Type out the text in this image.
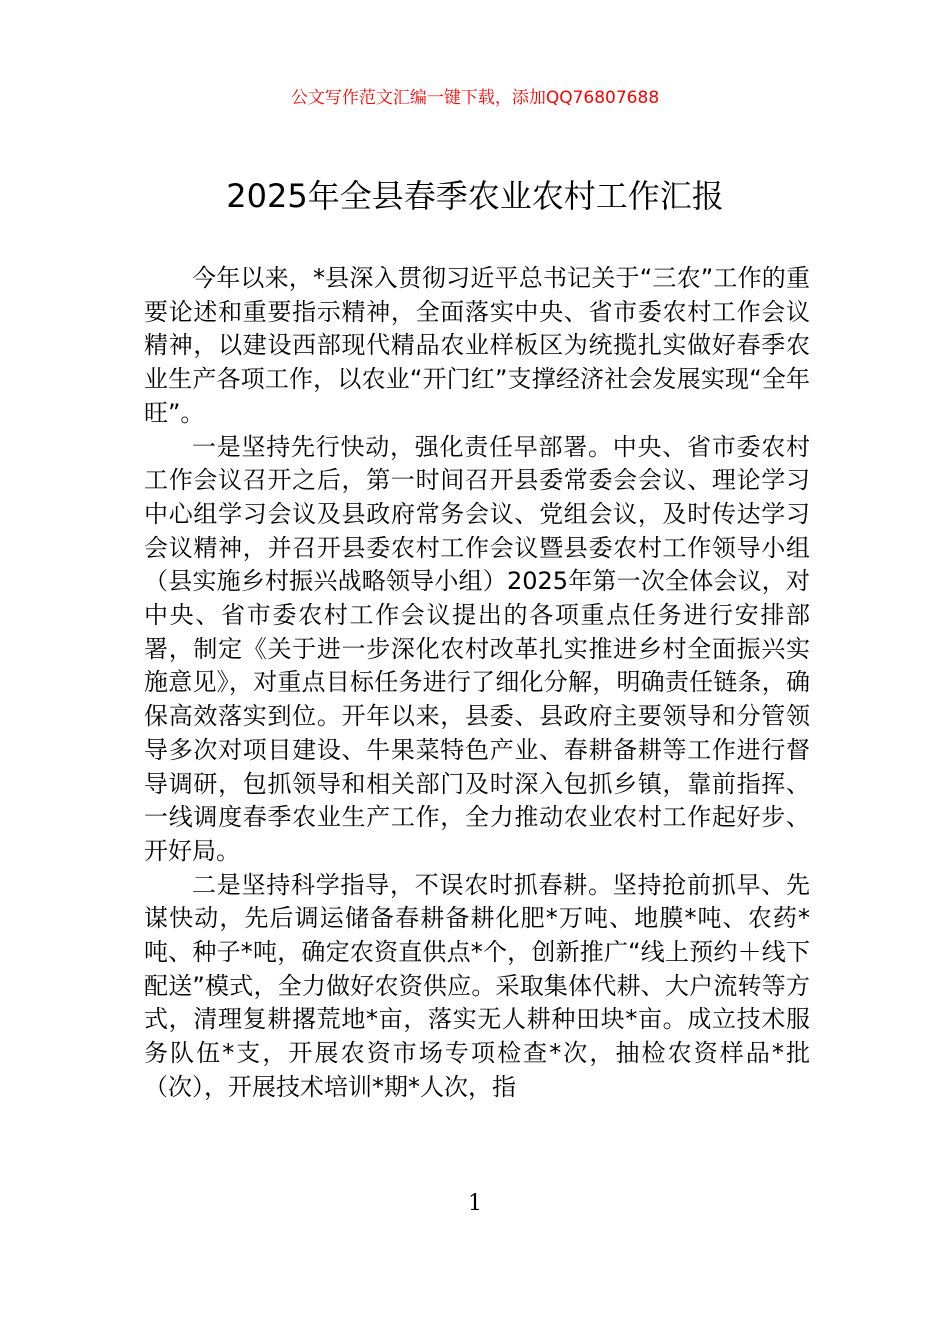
公文写作范文汇编一键下载，添加QQ76807688
2025年全县春季农业农村工作汇报

今年以来，*县深入贯彻习近平总书记关于“三农”工作的重要论述和重要指示精神，全面落实中央、省市委农村工作会议精神，以建设西部现代精品农业样板区为统揽扎实做好春季农业生产各项工作，以农业“开门红”支撑经济社会发展实现“全年旺”。

一是坚持先行快动，强化责任早部署。中央、省市委农村工作会议召开之后，第一时间召开县委常委会会议、理论学习中心组学习会议及县政府常务会议、党组会议，及时传达学习会议精神，并召开县委农村工作会议暨县委农村工作领导小组（县实施乡村振兴战略领导小组）2025年第一次全体会议，对中央、省市委农村工作会议提出的各项重点任务进行安排部署，制定《关于进一步深化农村改革扎实推进乡村全面振兴实施意见》，对重点目标任务进行了细化分解，明确责任链条，确保高效落实到位。开年以来，县委、县政府主要领导和分管领导多次对项目建设、牛果菜特色产业、春耕备耕等工作进行督导调研，包抓领导和相关部门及时深入包抓乡镇，靠前指挥、一线调度春季农业生产工作，全力推动农业农村工作起好步、开好局。

二是坚持科学指导，不误农时抓春耕。坚持抢前抓早、先谋快动，先后调运储备春耕备耕化肥*万吨、地膜*吨、农药*吨、种子*吨，确定农资直供点*个，创新推广“线上预约＋线下配送”模式，全力做好农资供应。采取集体代耕、大户流转等方式，清理复耕撂荒地*亩，落实无人耕种田块*亩。成立技术服务队伍*支，开展农资市场专项检查*次，抽检农资样品*批（次），开展技术培训*期*人次，指

1
